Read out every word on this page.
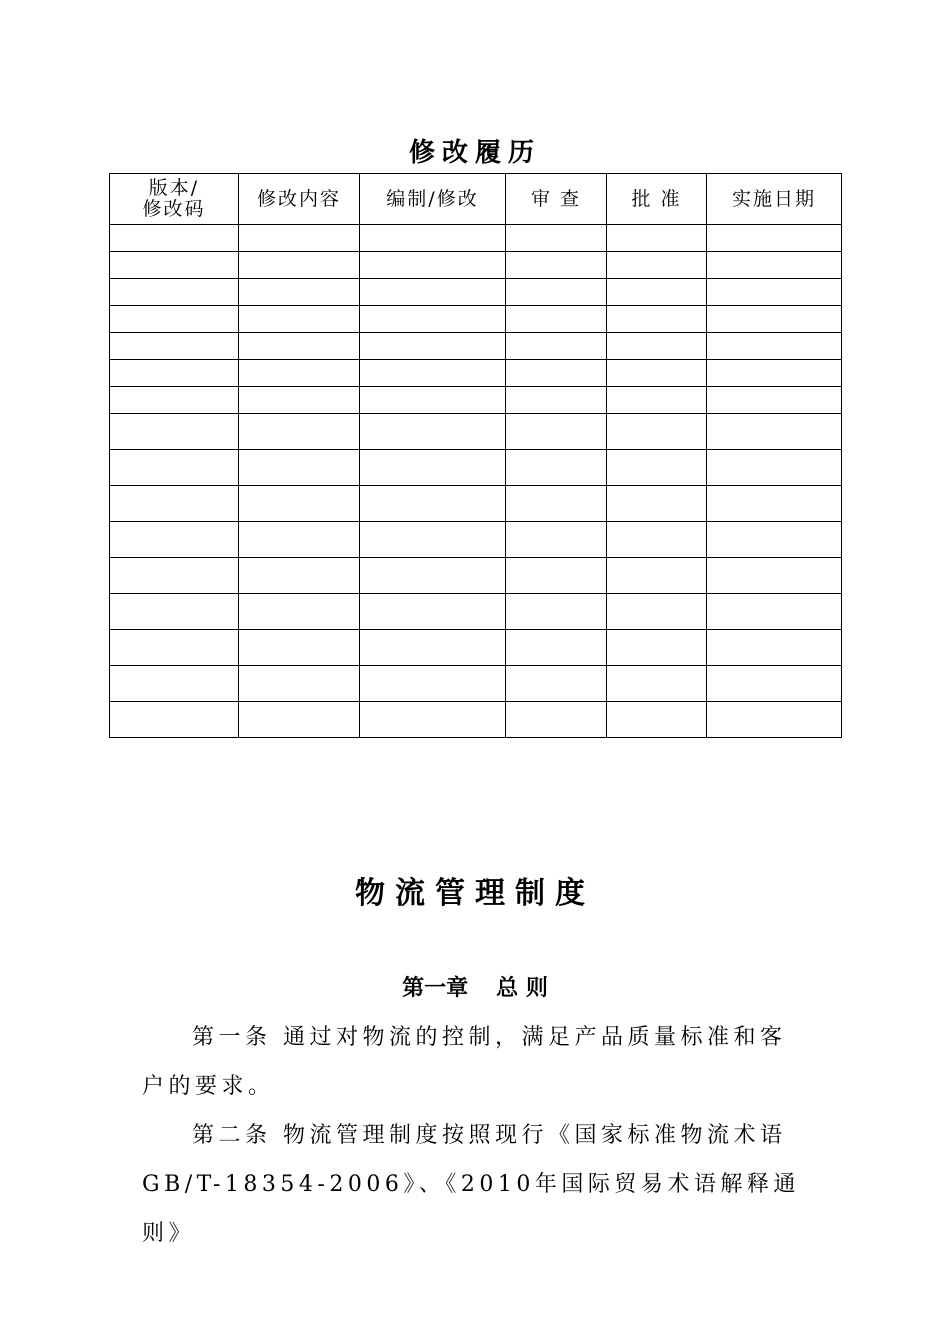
修改履历
版本/
修改码	修改内容	编制/修改	审 查	批 准	实施日期

物流管理制度
第一章 总 则
第一条 通过对物流的控制，满足产品质量标准和客户的要求。
第二条 物流管理制度按照现行《国家标准物流术语GB/T-18354-2006》、《2010年国际贸易术语解释通则》
